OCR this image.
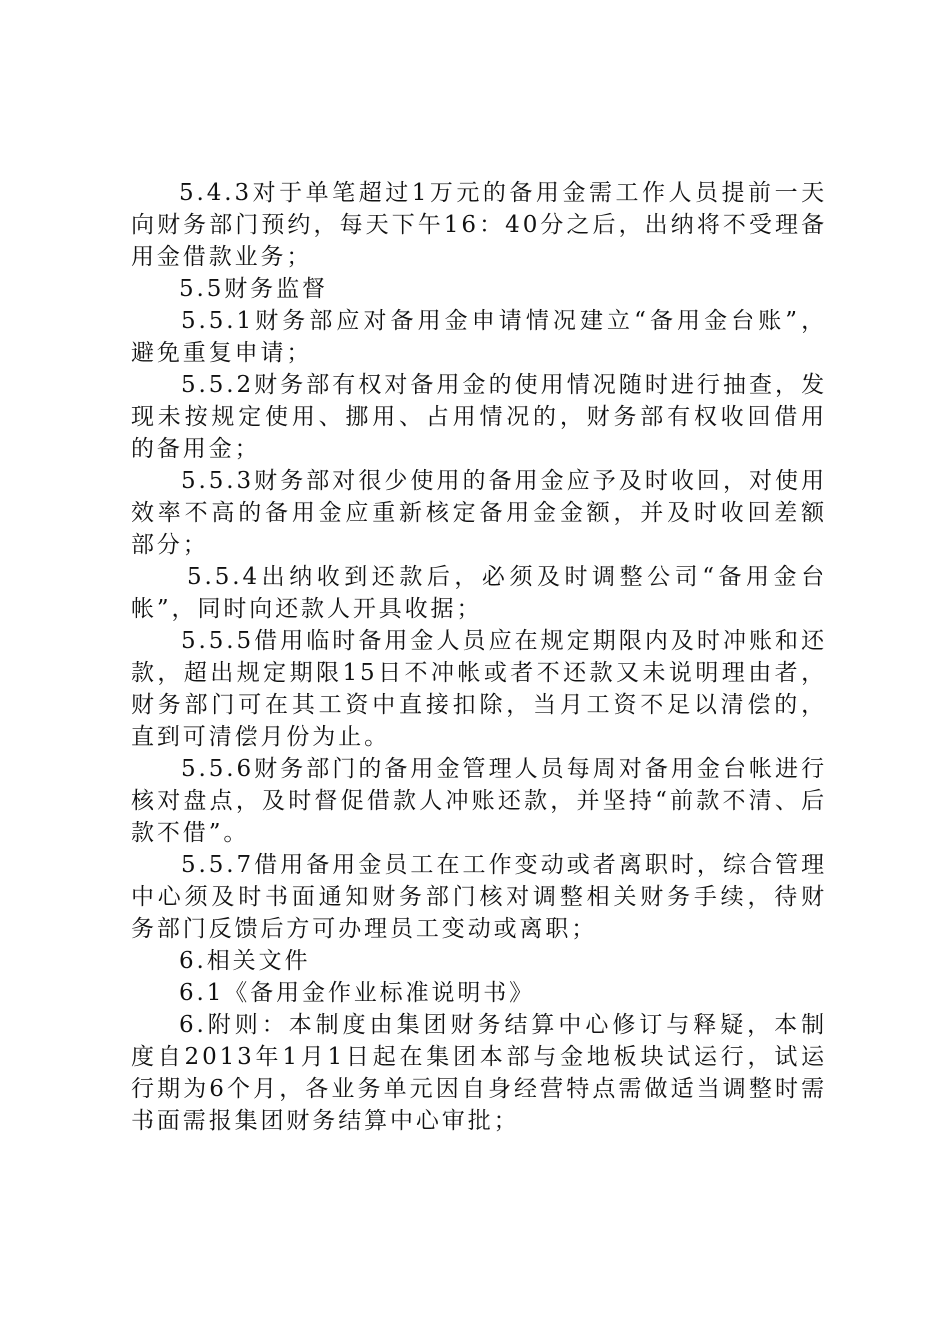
5.4.3对于单笔超过1万元的备用金需工作人员提前一天向财务部门预约，每天下午16：40分之后，出纳将不受理备用金借款业务；

5.5财务监督

5.5.1财务部应对备用金申请情况建立“备用金台账”，避免重复申请；

5.5.2财务部有权对备用金的使用情况随时进行抽查，发现未按规定使用、挪用、占用情况的，财务部有权收回借用的备用金；

5.5.3财务部对很少使用的备用金应予及时收回，对使用效率不高的备用金应重新核定备用金金额，并及时收回差额部分；

5.5.4出纳收到还款后，必须及时调整公司“备用金台帐”，同时向还款人开具收据；

5.5.5借用临时备用金人员应在规定期限内及时冲账和还款，超出规定期限15日不冲帐或者不还款又未说明理由者，财务部门可在其工资中直接扣除，当月工资不足以清偿的，直到可清偿月份为止。

5.5.6财务部门的备用金管理人员每周对备用金台帐进行核对盘点，及时督促借款人冲账还款，并坚持“前款不清、后款不借”。

5.5.7借用备用金员工在工作变动或者离职时，综合管理中心须及时书面通知财务部门核对调整相关财务手续，待财务部门反馈后方可办理员工变动或离职；

6.相关文件

6.1《备用金作业标准说明书》

6.附则：本制度由集团财务结算中心修订与释疑，本制度自2013年1月1日起在集团本部与金地板块试运行，试运行期为6个月，各业务单元因自身经营特点需做适当调整时需书面需报集团财务结算中心审批；
